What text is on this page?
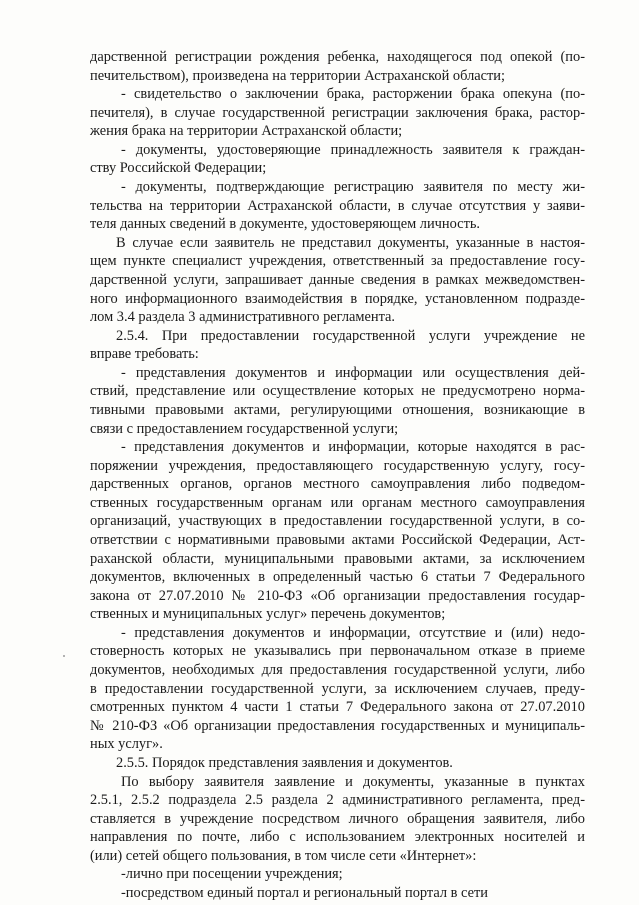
дарственной регистрации рождения ребенка, находящегося под опекой (по-
печительством), произведена на территории Астраханской области;
- свидетельство о заключении брака, расторжении брака опекуна (по-
печителя), в случае государственной регистрации заключения брака, растор-
жения брака на территории Астраханской области;
- документы, удостоверяющие принадлежность заявителя к граждан-
ству Российской Федерации;
- документы, подтверждающие регистрацию заявителя по месту жи-
тельства на территории Астраханской области, в случае отсутствия у заяви-
теля данных сведений в документе, удостоверяющем личность.
В случае если заявитель не представил документы, указанные в настоя-
щем пункте специалист учреждения, ответственный за предоставление госу-
дарственной услуги, запрашивает данные сведения в рамках межведомствен-
ного информационного взаимодействия в порядке, установленном подразде-
лом 3.4 раздела 3 административного регламента.
2.5.4. При предоставлении государственной услуги учреждение не
вправе требовать:
- представления документов и информации или осуществления дей-
ствий, представление или осуществление которых не предусмотрено норма-
тивными правовыми актами, регулирующими отношения, возникающие в
связи с предоставлением государственной услуги;
- представления документов и информации, которые находятся в рас-
поряжении учреждения, предоставляющего государственную услугу, госу-
дарственных органов, органов местного самоуправления либо подведом-
ственных государственным органам или органам местного самоуправления
организаций, участвующих в предоставлении государственной услуги, в со-
ответствии с нормативными правовыми актами Российской Федерации, Аст-
раханской области, муниципальными правовыми актами, за исключением
документов, включенных в определенный частью 6 статьи 7 Федерального
закона от 27.07.2010 № 210-ФЗ «Об организации предоставления государ-
ственных и муниципальных услуг» перечень документов;
- представления документов и информации, отсутствие и (или) недо-
стоверность которых не указывались при первоначальном отказе в приеме
документов, необходимых для предоставления государственной услуги, либо
в предоставлении государственной услуги, за исключением случаев, преду-
смотренных пунктом 4 части 1 статьи 7 Федерального закона от 27.07.2010
№ 210-ФЗ «Об организации предоставления государственных и муниципаль-
ных услуг».
2.5.5. Порядок представления заявления и документов.
По выбору заявителя заявление и документы, указанные в пунктах
2.5.1, 2.5.2 подраздела 2.5 раздела 2 административного регламента, пред-
ставляется в учреждение посредством личного обращения заявителя, либо
направления по почте, либо с использованием электронных носителей и
(или) сетей общего пользования, в том числе сети «Интернет»:
-лично при посещении учреждения;
-посредством единый портал и региональный портал в сети
